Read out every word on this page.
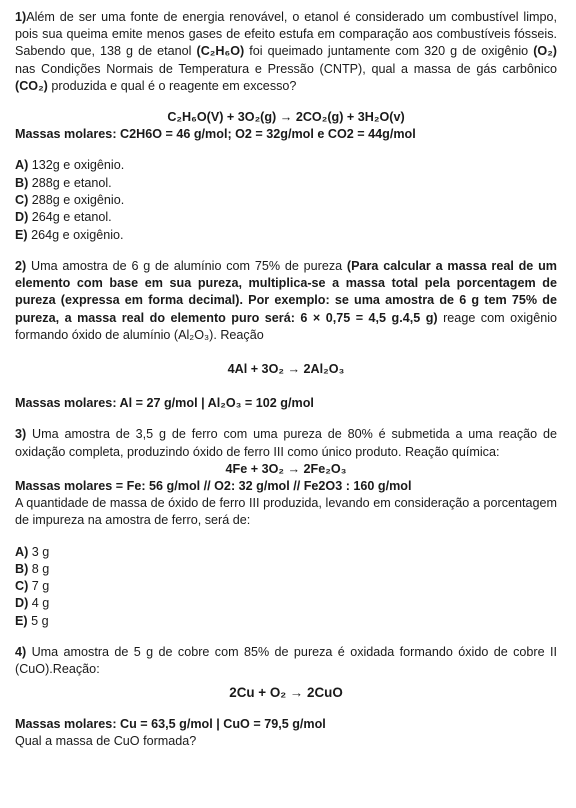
1)Além de ser uma fonte de energia renovável, o etanol é considerado um combustível limpo, pois sua queima emite menos gases de efeito estufa em comparação aos combustíveis fósseis. Sabendo que, 138 g de etanol (C₂H₆O) foi queimado juntamente com 320 g de oxigênio (O₂) nas Condições Normais de Temperatura e Pressão (CNTP), qual a massa de gás carbônico (CO₂) produzida e qual é o reagente em excesso?

C₂H₆O(V) + 3O₂(g) → 2CO₂(g) + 3H₂O(v)

Massas molares: C2H6O = 46 g/mol; O2 = 32g/mol e CO2 = 44g/mol

A) 132g e oxigênio.

B) 288g e etanol.

C) 288g e oxigênio.

D) 264g e etanol.

E) 264g e oxigênio.

2) Uma amostra de 6 g de alumínio com 75% de pureza (Para calcular a massa real de um elemento com base em sua pureza, multiplica-se a massa total pela porcentagem de pureza (expressa em forma decimal). Por exemplo: se uma amostra de 6 g tem 75% de pureza, a massa real do elemento puro será: 6 × 0,75 = 4,5 g.4,5 g) reage com oxigênio formando óxido de alumínio (Al₂O₃). Reação

4Al + 3O₂ → 2Al₂O₃

Massas molares: Al = 27 g/mol | Al₂O₃ = 102 g/mol

3) Uma amostra de 3,5 g de ferro com uma pureza de 80% é submetida a uma reação de oxidação completa, produzindo óxido de ferro III como único produto. Reação química:

4Fe + 3O₂ → 2Fe₂O₃

Massas molares = Fe: 56 g/mol // O2: 32 g/mol // Fe2O3 : 160 g/mol

A quantidade de massa de óxido de ferro III produzida, levando em consideração a porcentagem de impureza na amostra de ferro, será de:

A) 3 g

B) 8 g

C) 7 g

D) 4 g

E) 5 g

4) Uma amostra de 5 g de cobre com 85% de pureza é oxidada formando óxido de cobre II (CuO).Reação:

2Cu + O₂ → 2CuO

Massas molares: Cu = 63,5 g/mol | CuO = 79,5 g/mol

Qual a massa de CuO formada?
